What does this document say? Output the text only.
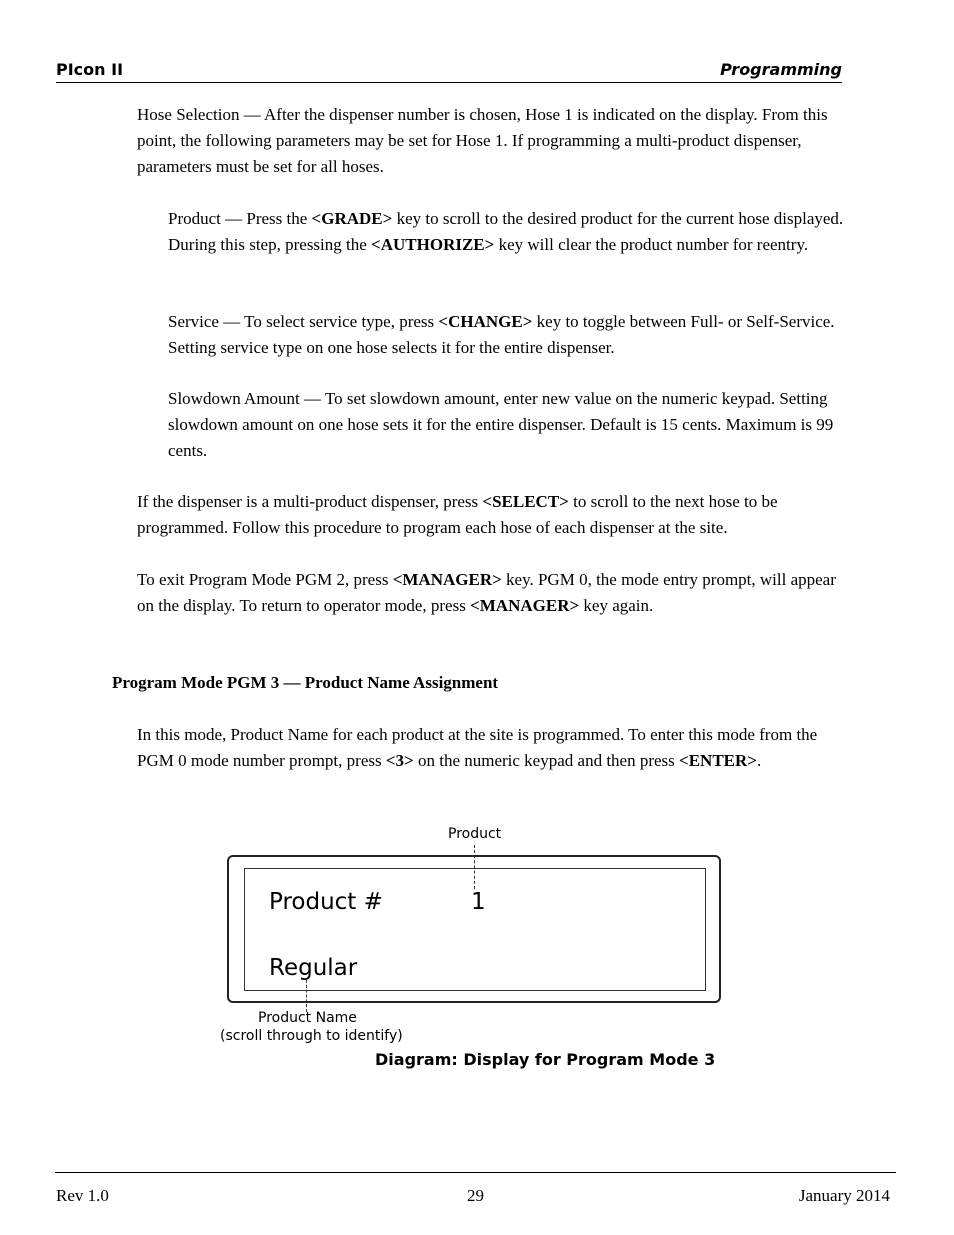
PIcon II	Programming

Hose Selection — After the dispenser number is chosen, Hose 1 is indicated on the display. From this point, the following parameters may be set for Hose 1. If programming a multi-product dispenser, parameters must be set for all hoses.

Product — Press the <GRADE> key to scroll to the desired product for the current hose displayed. During this step, pressing the <AUTHORIZE> key will clear the product number for reentry.

Service — To select service type, press <CHANGE> key to toggle between Full- or Self-Service. Setting service type on one hose selects it for the entire dispenser.

Slowdown Amount — To set slowdown amount, enter new value on the numeric keypad. Setting slowdown amount on one hose sets it for the entire dispenser. Default is 15 cents. Maximum is 99 cents.

If the dispenser is a multi-product dispenser, press <SELECT> to scroll to the next hose to be programmed. Follow this procedure to program each hose of each dispenser at the site.

To exit Program Mode PGM 2, press <MANAGER> key. PGM 0, the mode entry prompt, will appear on the display. To return to operator mode, press <MANAGER> key again.

Program Mode PGM 3 — Product Name Assignment

In this mode, Product Name for each product at the site is programmed. To enter this mode from the PGM 0 mode number prompt, press <3> on the numeric keypad and then press <ENTER>.

Product
Product #	1
Regular
Product Name
(scroll through to identify)
Diagram: Display for Program Mode 3
Rev 1.0	29	January 2014
